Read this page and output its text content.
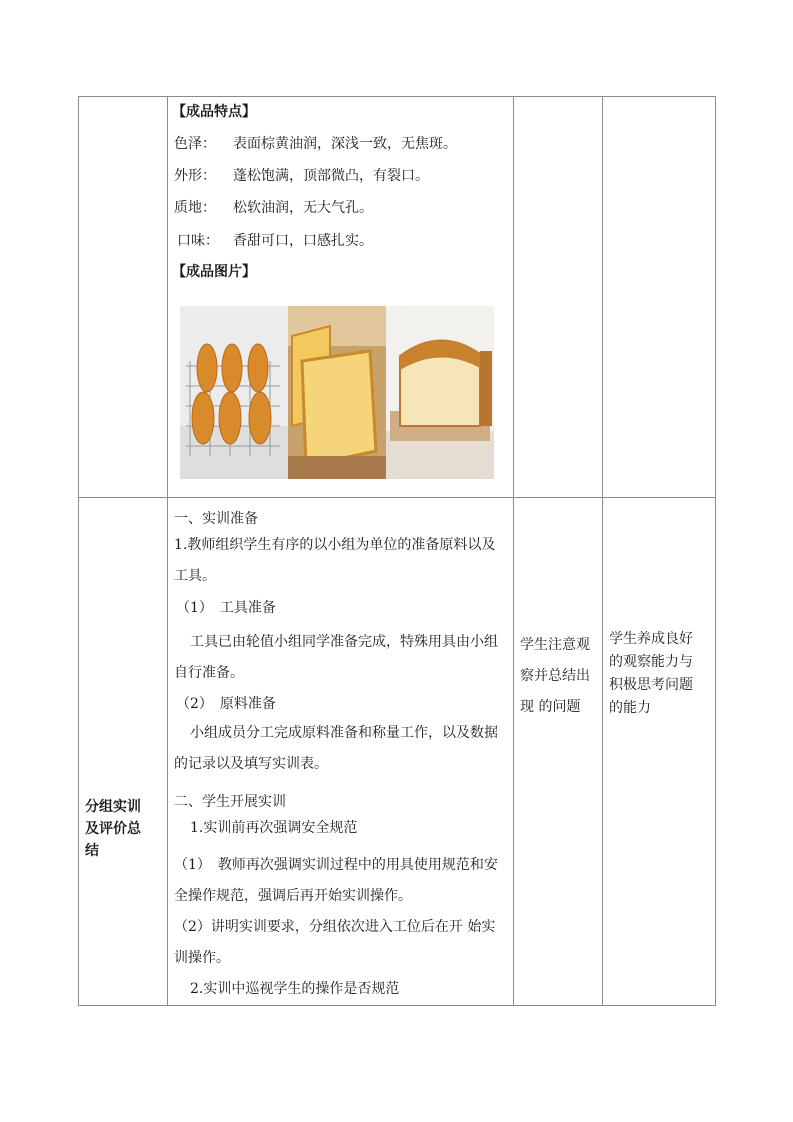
【成品特点】
色泽： 表面棕黄油润，深浅一致，无焦斑。
外形： 蓬松饱满，顶部微凸，有裂口。
质地： 松软油润，无大气孔。
口味： 香甜可口，口感扎实。
【成品图片】
分组实训及评价总结
一、实训准备
1.教师组织学生有序的以小组为单位的准备原料以及工具。
（1）　工具准备
工具已由轮值小组同学准备完成，特殊用具由小组自行准备。
（2）　原料准备
小组成员分工完成原料准备和称量工作，以及数据的记录以及填写实训表。
二、学生开展实训
1.实训前再次强调安全规范
（1）　教师再次强调实训过程中的用具使用规范和安全操作规范，强调后再开始实训操作。
（2）讲明实训要求，分组依次进入工位后在开 始实训操作。
2.实训中巡视学生的操作是否规范
学生注意观察并总结出现 的问题
学生养成良好 的观察能力与 积极思考问题 的能力
